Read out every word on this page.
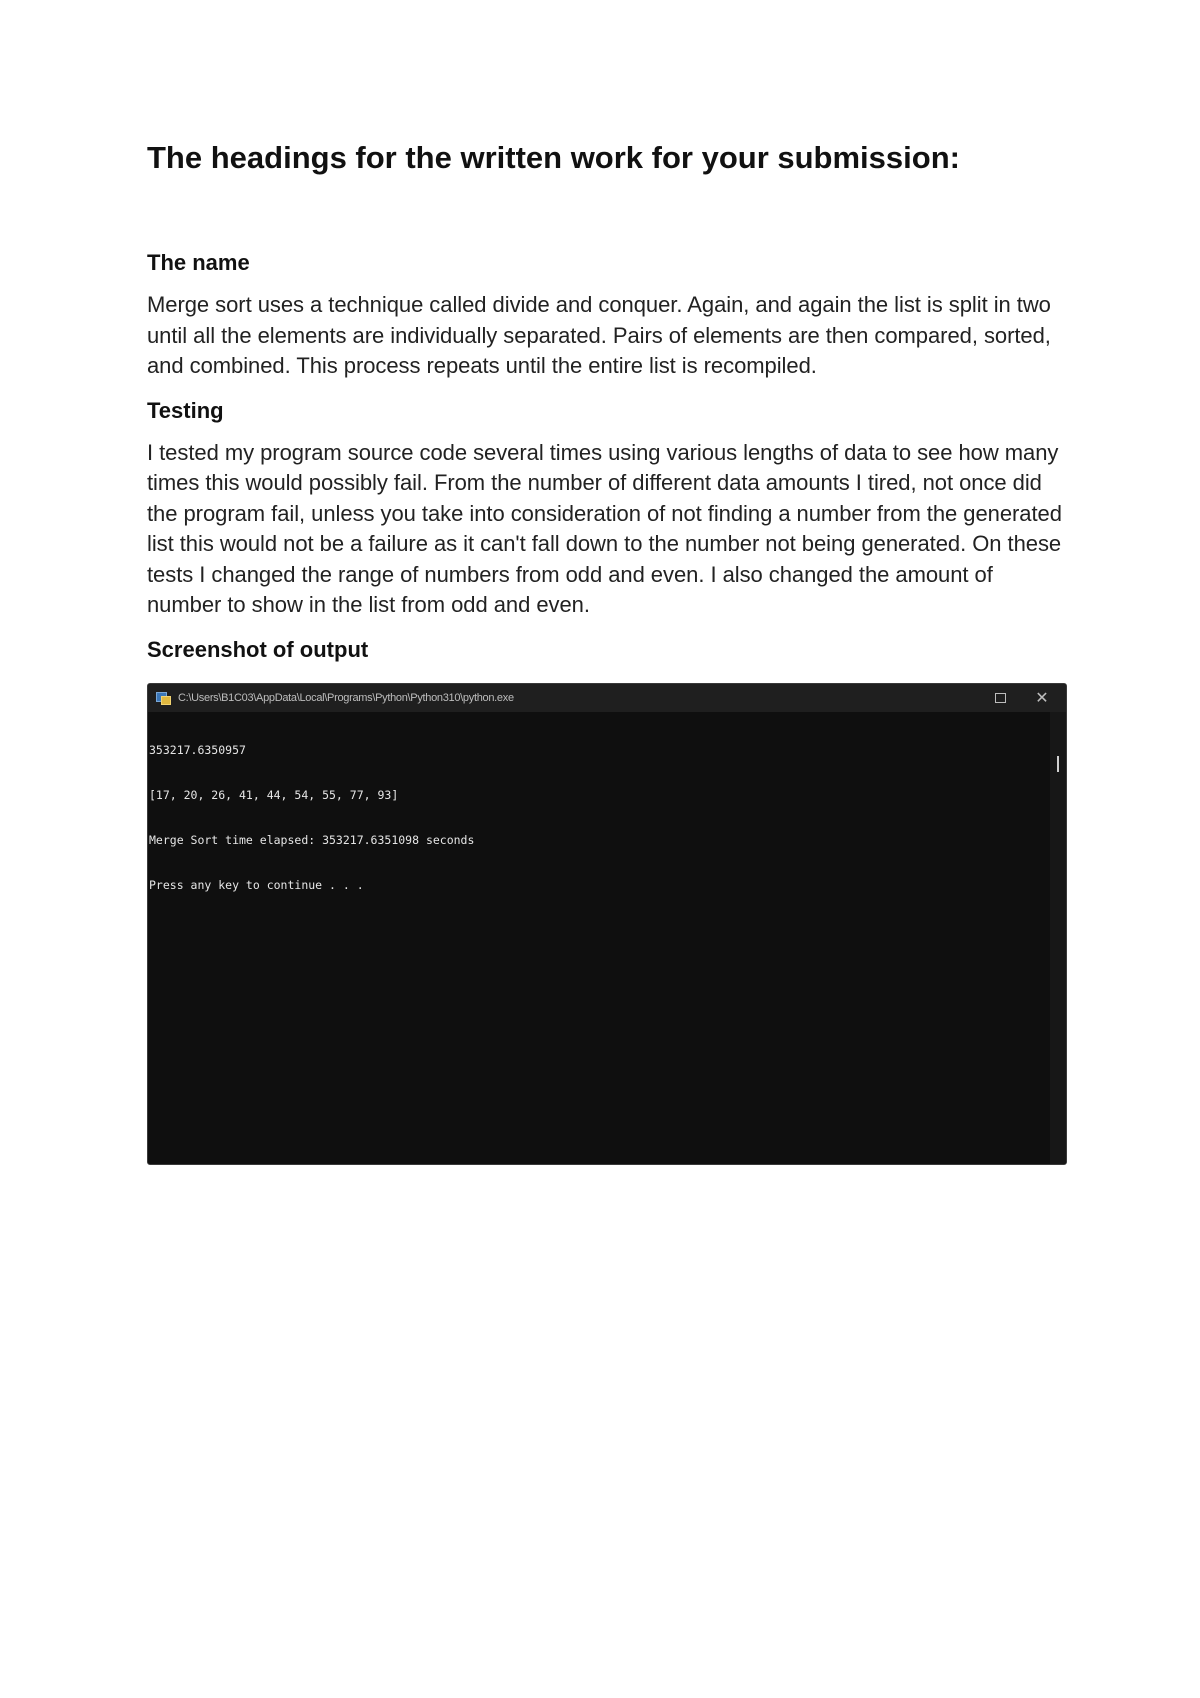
The headings for the written work for your submission:
The name

Merge sort uses a technique called divide and conquer. Again, and again the list is split in two until all the elements are individually separated. Pairs of elements are then compared, sorted, and combined. This process repeats until the entire list is recompiled.

Testing

I tested my program source code several times using various lengths of data to see how many times this would possibly fail. From the number of different data amounts I tired, not once did the program fail, unless you take into consideration of not finding a number from the generated list this would not be a failure as it can't fall down to the number not being generated. On these tests I changed the range of numbers from odd and even. I also changed the amount of number to show in the list from odd and even.

Screenshot of output
C:\Users\B1C03\AppData\Local\Programs\Python\Python310\python.exe	✕

353217.6350957

[17, 20, 26, 41, 44, 54, 55, 77, 93]

Merge Sort time elapsed: 353217.6351098 seconds

Press any key to continue . . .
